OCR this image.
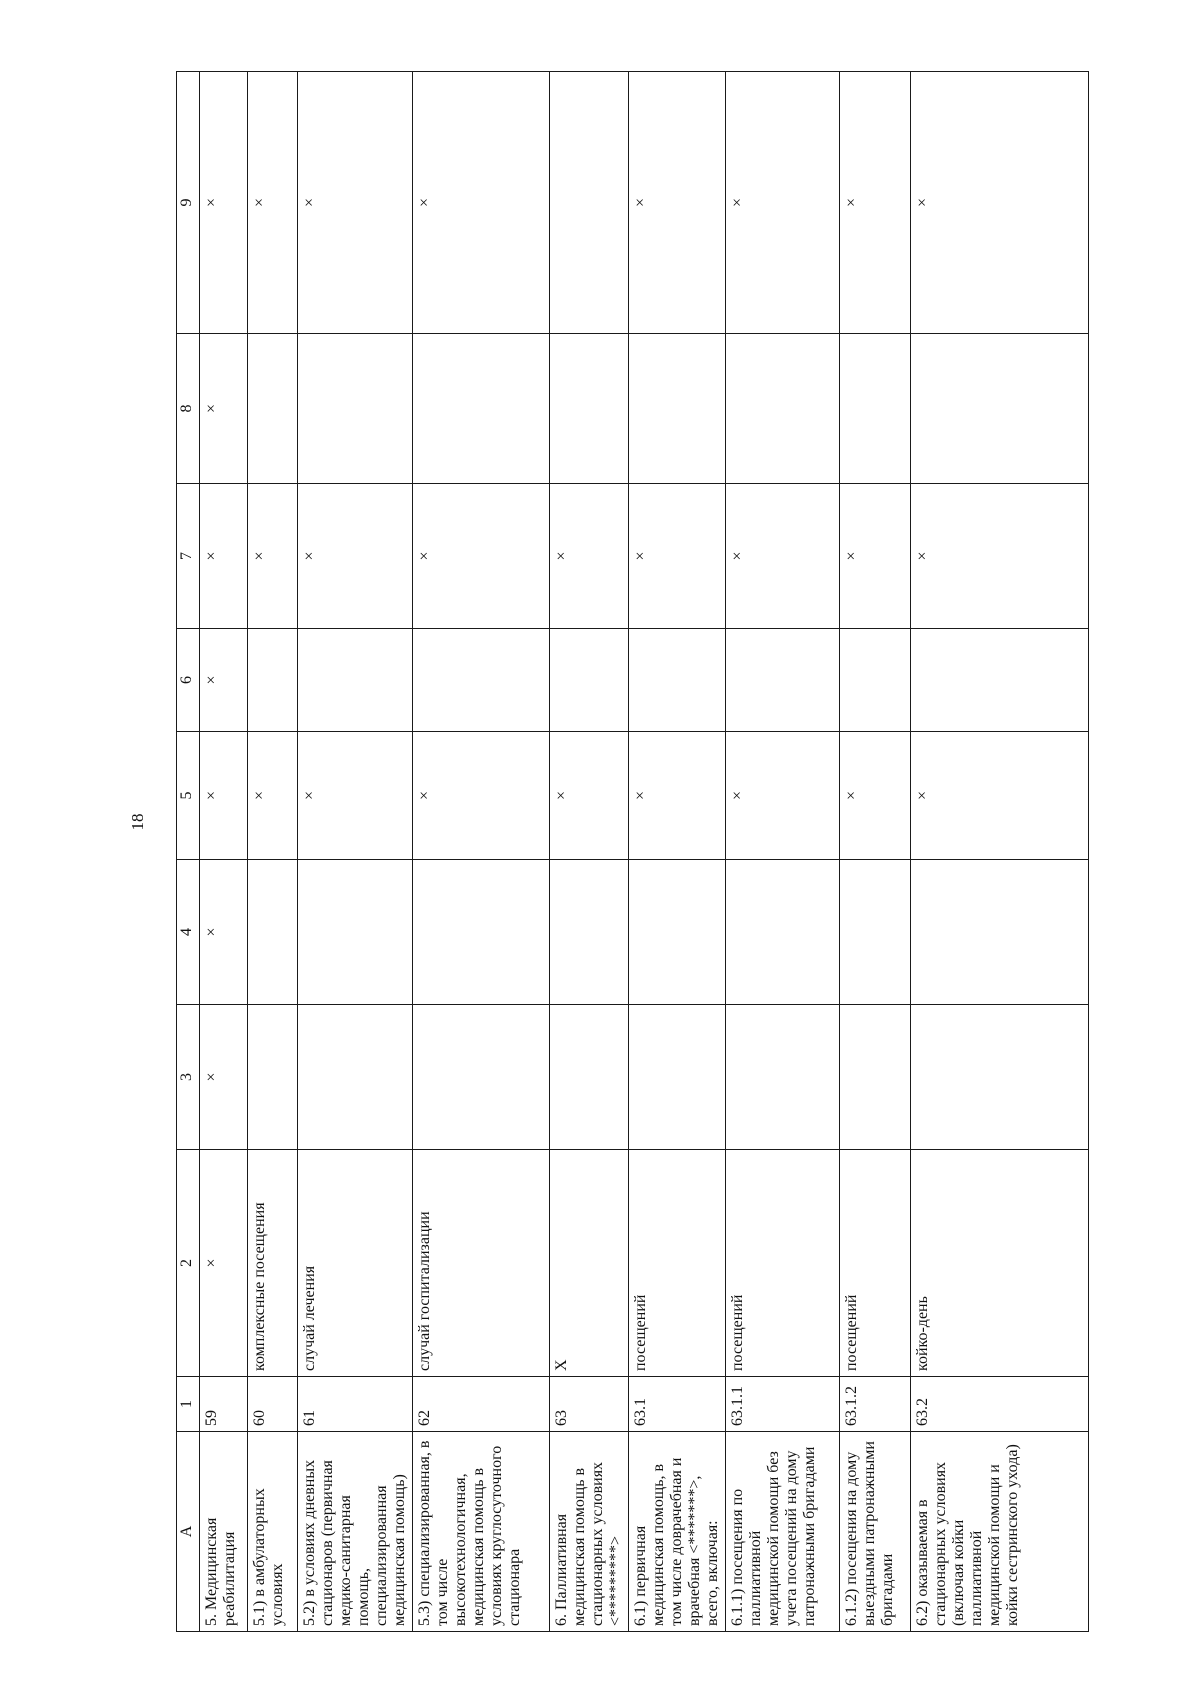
18
А	1	2	3	4	5	6	7	8	9
5. Медицинская реабилитация	59	×	×	×	×	×	×	×	×
5.1) в амбулаторных условиях	60	комплексные посещения			×		×		×
5.2) в условиях дневных стационаров (первичная медико-санитарная помощь, специализированная медицинская помощь)	61	случай лечения			×		×		×
5.3) специализированная, в том числе высокотехнологичная, медицинская помощь в условиях круглосуточного стационара	62	случай госпитализации			×		×		×
6. Паллиативная медицинская помощь в стационарных условиях <*********>	63	Х			×		×		
6.1) первичная медицинская помощь, в том числе доврачебная и врачебная <*******>, всего, включая:	63.1	посещений			×		×		×
6.1.1) посещения по паллиативной медицинской помощи без учета посещений на дому патронажными бригадами	63.1.1	посещений			×		×		×
6.1.2) посещения на дому выездными патронажными бригадами	63.1.2	посещений			×		×		×
6.2) оказываемая в стационарных условиях (включая койки паллиативной медицинской помощи и койки сестринского ухода)	63.2	койко-день			×		×		×
